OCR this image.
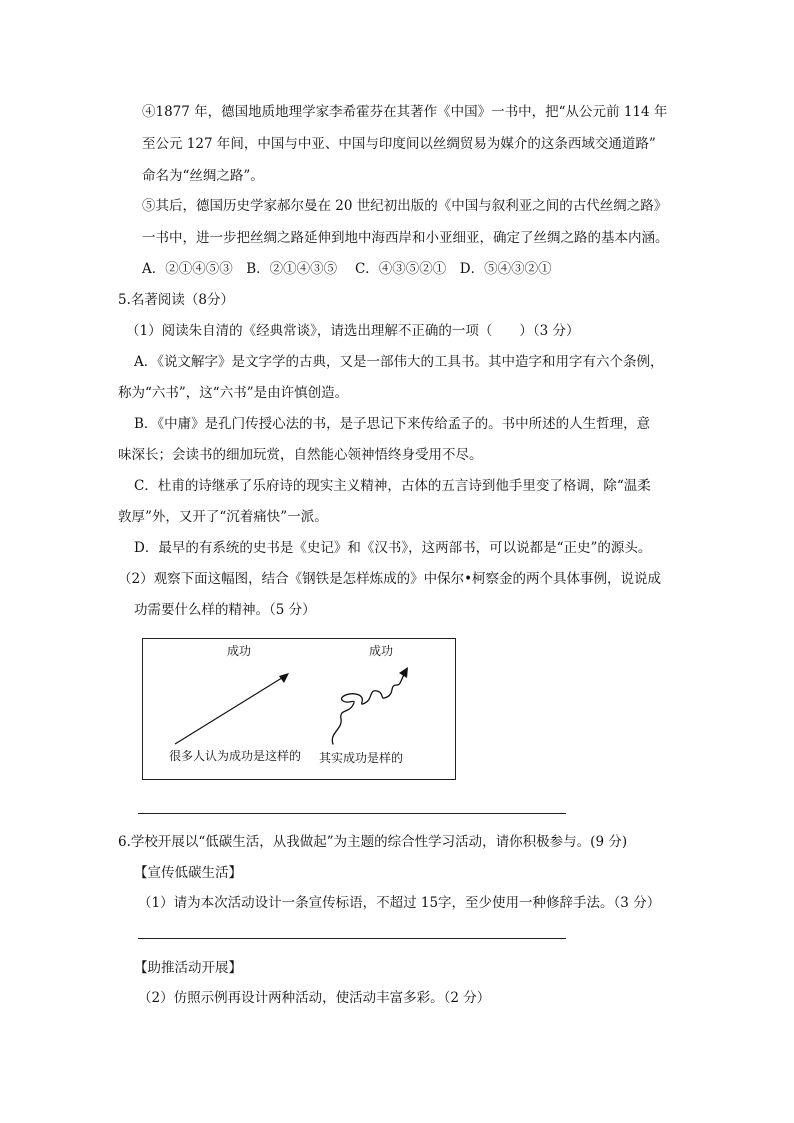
④1877 年，德国地质地理学家李希霍芬在其著作《中国》一书中，把“从公元前 114 年
至公元 127 年间，中国与中亚、中国与印度间以丝绸贸易为媒介的这条西域交通道路”
命名为“丝绸之路”。
⑤其后，德国历史学家郝尔曼在 20 世纪初出版的《中国与叙利亚之间的古代丝绸之路》
一书中，进一步把丝绸之路延伸到地中海西岸和小亚细亚，确定了丝绸之路的基本内涵。
A．②①④⑤③　B．②①④③⑤　 C．④③⑤②①　D．⑤④③②①
5.名著阅读（8分）
（1）阅读朱自清的《经典常谈》，请选出理解不正确的一项（　　）（3 分）
A．《说文解字》是文字学的古典，又是一部伟大的工具书。其中造字和用字有六个条例，
称为“六书”，这“六书”是由许慎创造。
B．《中庸》是孔门传授心法的书，是子思记下来传给孟子的。书中所述的人生哲理，意
味深长；会读书的细加玩赏，自然能心领神悟终身受用不尽。
C．杜甫的诗继承了乐府诗的现实主义精神，古体的五言诗到他手里变了格调，除“温柔
敦厚”外，又开了“沉着痛快”一派。
D．最早的有系统的史书是《史记》和《汉书》，这两部书，可以说都是“正史”的源头。
（2）观察下面这幅图，结合《钢铁是怎样炼成的》中保尔•柯察金的两个具体事例，说说成
功需要什么样的精神。（5 分）
成功	成功
很多人认为成功是这样的 其实成功是样的
6.学校开展以“低碳生活，从我做起”为主题的综合性学习活动，请你积极参与。(9 分)
【宣传低碳生活】
（1）请为本次活动设计一条宣传标语，不超过 15字，至少使用一种修辞手法。（3 分）
【助推活动开展】
（2）仿照示例再设计两种活动，使活动丰富多彩。（2 分）
